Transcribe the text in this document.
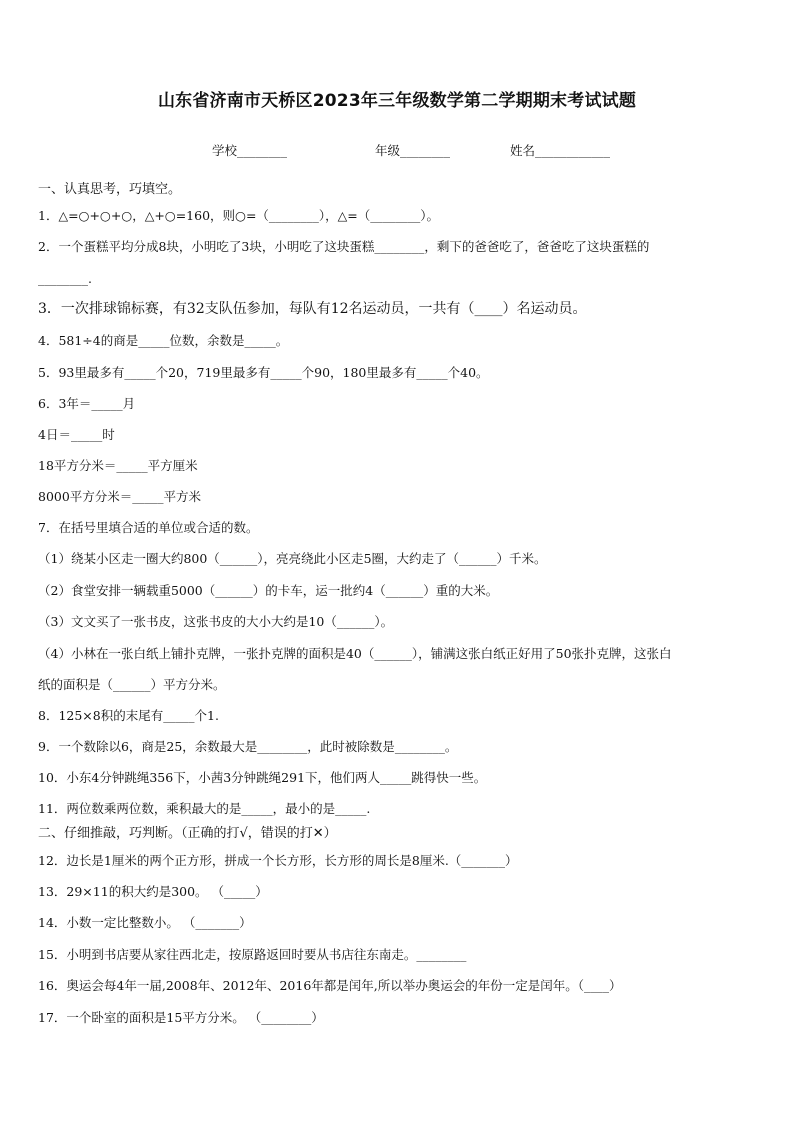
山东省济南市天桥区2023年三年级数学第二学期期末考试试题
学校________	年级________	姓名____________
一、认真思考，巧填空。
1．△=○+○+○，△+○=160，则○=（________），△=（________）。
2．一个蛋糕平均分成8块，小明吃了3块，小明吃了这块蛋糕________，剩下的爸爸吃了，爸爸吃了这块蛋糕的
________.
3．一次排球锦标赛，有32支队伍参加，每队有12名运动员，一共有（____）名运动员。
4．581÷4的商是_____位数，余数是_____。
5．93里最多有_____个20，719里最多有_____个90，180里最多有_____个40。
6．3年＝_____月
4日＝_____时
18平方分米＝_____平方厘米
8000平方分米＝_____平方米
7．在括号里填合适的单位或合适的数。
（1）绕某小区走一圈大约800（______），亮亮绕此小区走5圈，大约走了（______）千米。
（2）食堂安排一辆载重5000（______）的卡车，运一批约4（______）重的大米。
（3）文文买了一张书皮，这张书皮的大小大约是10（______）。
（4）小林在一张白纸上铺扑克牌，一张扑克牌的面积是40（______），铺满这张白纸正好用了50张扑克牌，这张白
纸的面积是（______）平方分米。
8．125×8积的末尾有_____个1.
9．一个数除以6，商是25，余数最大是________，此时被除数是________。
10．小东4分钟跳绳356下，小茜3分钟跳绳291下，他们两人_____跳得快一些。
11．两位数乘两位数，乘积最大的是_____，最小的是_____.
二、仔细推敲，巧判断。（正确的打√，错误的打✕）
12．边长是1厘米的两个正方形，拼成一个长方形，长方形的周长是8厘米.（_______）
13．29×11的积大约是300。 （_____）
14．小数一定比整数小。 （_______）
15．小明到书店要从家往西北走，按原路返回时要从书店往东南走。________
16．奥运会每4年一届,2008年、2012年、2016年都是闰年,所以举办奥运会的年份一定是闰年。（____）
17．一个卧室的面积是15平方分米。 （________）
